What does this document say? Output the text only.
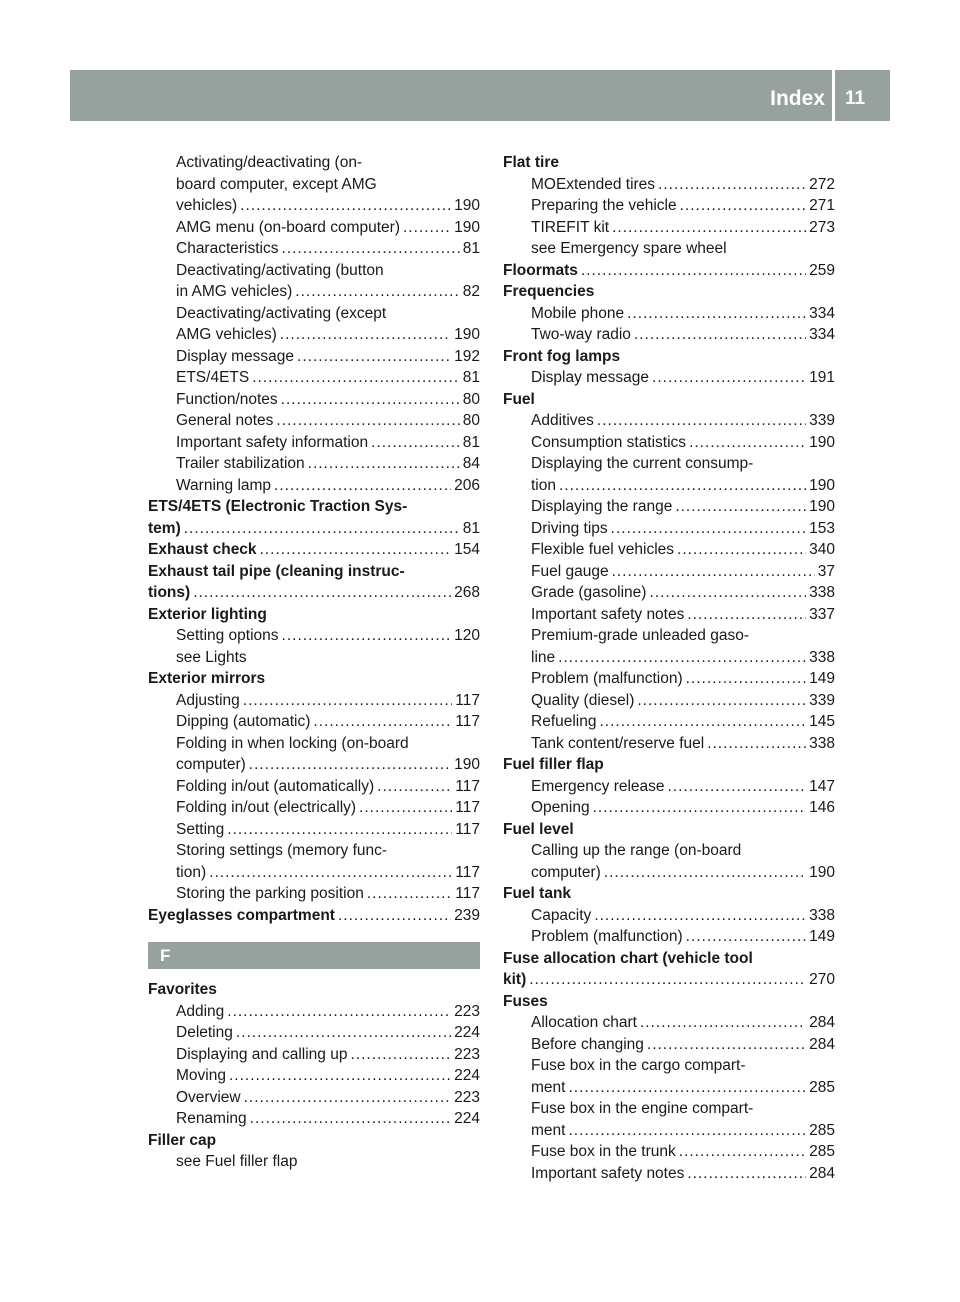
Index 11
Activating/deactivating (on-
board computer, except AMG
vehicles) .....	190
AMG menu (on-board computer) .....	190
Characteristics .....	81
Deactivating/activating (button
in AMG vehicles) .....	82
Deactivating/activating (except
AMG vehicles) .....	190
Display message .....	192
ETS/4ETS .....	81
Function/notes .....	80
General notes .....	80
Important safety information .....	81
Trailer stabilization .....	84
Warning lamp .....	206
ETS/4ETS (Electronic Traction Sys-
tem) .....	81
Exhaust check .....	154
Exhaust tail pipe (cleaning instruc-
tions) .....	268
Exterior lighting
Setting options .....	120
see Lights
Exterior mirrors
Adjusting .....	117
Dipping (automatic) .....	117
Folding in when locking (on-board
computer) .....	190
Folding in/out (automatically) .....	117
Folding in/out (electrically) .....	117
Setting .....	117
Storing settings (memory func-
tion) .....	117
Storing the parking position .....	117
Eyeglasses compartment .....	239
F
Favorites
Adding .....	223
Deleting .....	224
Displaying and calling up .....	223
Moving .....	224
Overview .....	223
Renaming .....	224
Filler cap
see Fuel filler flap
Flat tire
MOExtended tires .....	272
Preparing the vehicle .....	271
TIREFIT kit .....	273
see Emergency spare wheel
Floormats .....	259
Frequencies
Mobile phone .....	334
Two-way radio .....	334
Front fog lamps
Display message .....	191
Fuel
Additives .....	339
Consumption statistics .....	190
Displaying the current consump-
tion .....	190
Displaying the range .....	190
Driving tips .....	153
Flexible fuel vehicles .....	340
Fuel gauge .....	37
Grade (gasoline) .....	338
Important safety notes .....	337
Premium-grade unleaded gaso-
line .....	338
Problem (malfunction) .....	149
Quality (diesel) .....	339
Refueling .....	145
Tank content/reserve fuel .....	338
Fuel filler flap
Emergency release .....	147
Opening .....	146
Fuel level
Calling up the range (on-board
computer) .....	190
Fuel tank
Capacity .....	338
Problem (malfunction) .....	149
Fuse allocation chart (vehicle tool
kit) .....	270
Fuses
Allocation chart .....	284
Before changing .....	284
Fuse box in the cargo compart-
ment .....	285
Fuse box in the engine compart-
ment .....	285
Fuse box in the trunk .....	285
Important safety notes .....	284
